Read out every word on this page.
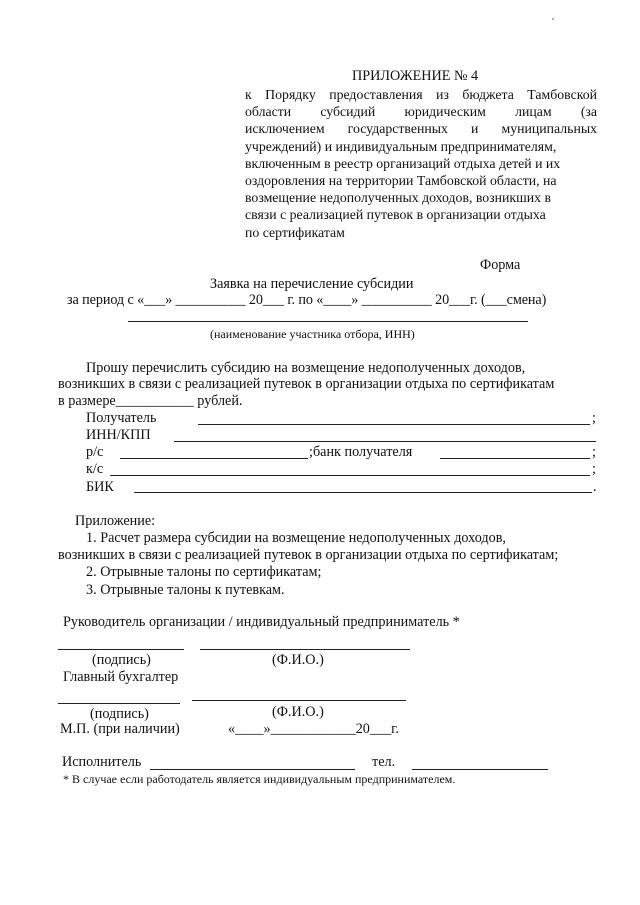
ПРИЛОЖЕНИЕ № 4
к Порядку предоставления из бюджета Тамбовской
области субсидий юридическим лицам (за
исключением государственных и муниципальных
учреждений) и индивидуальным предпринимателям,
включенным в реестр организаций отдыха детей и их
оздоровления на территории Тамбовской области, на
возмещение недополученных доходов, возникших в
связи с реализацией путевок в организации отдыха
по сертификатам
Форма
Заявка на перечисление субсидии
за период с «___» __________ 20___ г. по «____» __________ 20___г. (___смена)
(наименование участника отбора, ИНН)
Прошу перечислить субсидию на возмещение недополученных доходов,
возникших в связи с реализацией путевок в организации отдыха по сертификатам
в размере___________ рублей.
Получатель	;
ИНН/КПП
р/с	;банк получателя	;
к/с	;
БИК	.
Приложение:
1. Расчет размера субсидии на возмещение недополученных доходов,
возникших в связи с реализацией путевок в организации отдыха по сертификатам;
2. Отрывные талоны по сертификатам;
3. Отрывные талоны к путевкам.
Руководитель организации / индивидуальный предприниматель *
(подпись)	(Ф.И.О.)
Главный бухгалтер
(подпись)	(Ф.И.О.)
М.П. (при наличии)	«____»____________20___г.
Исполнитель	тел.
* В случае если работодатель является индивидуальным предпринимателем.
